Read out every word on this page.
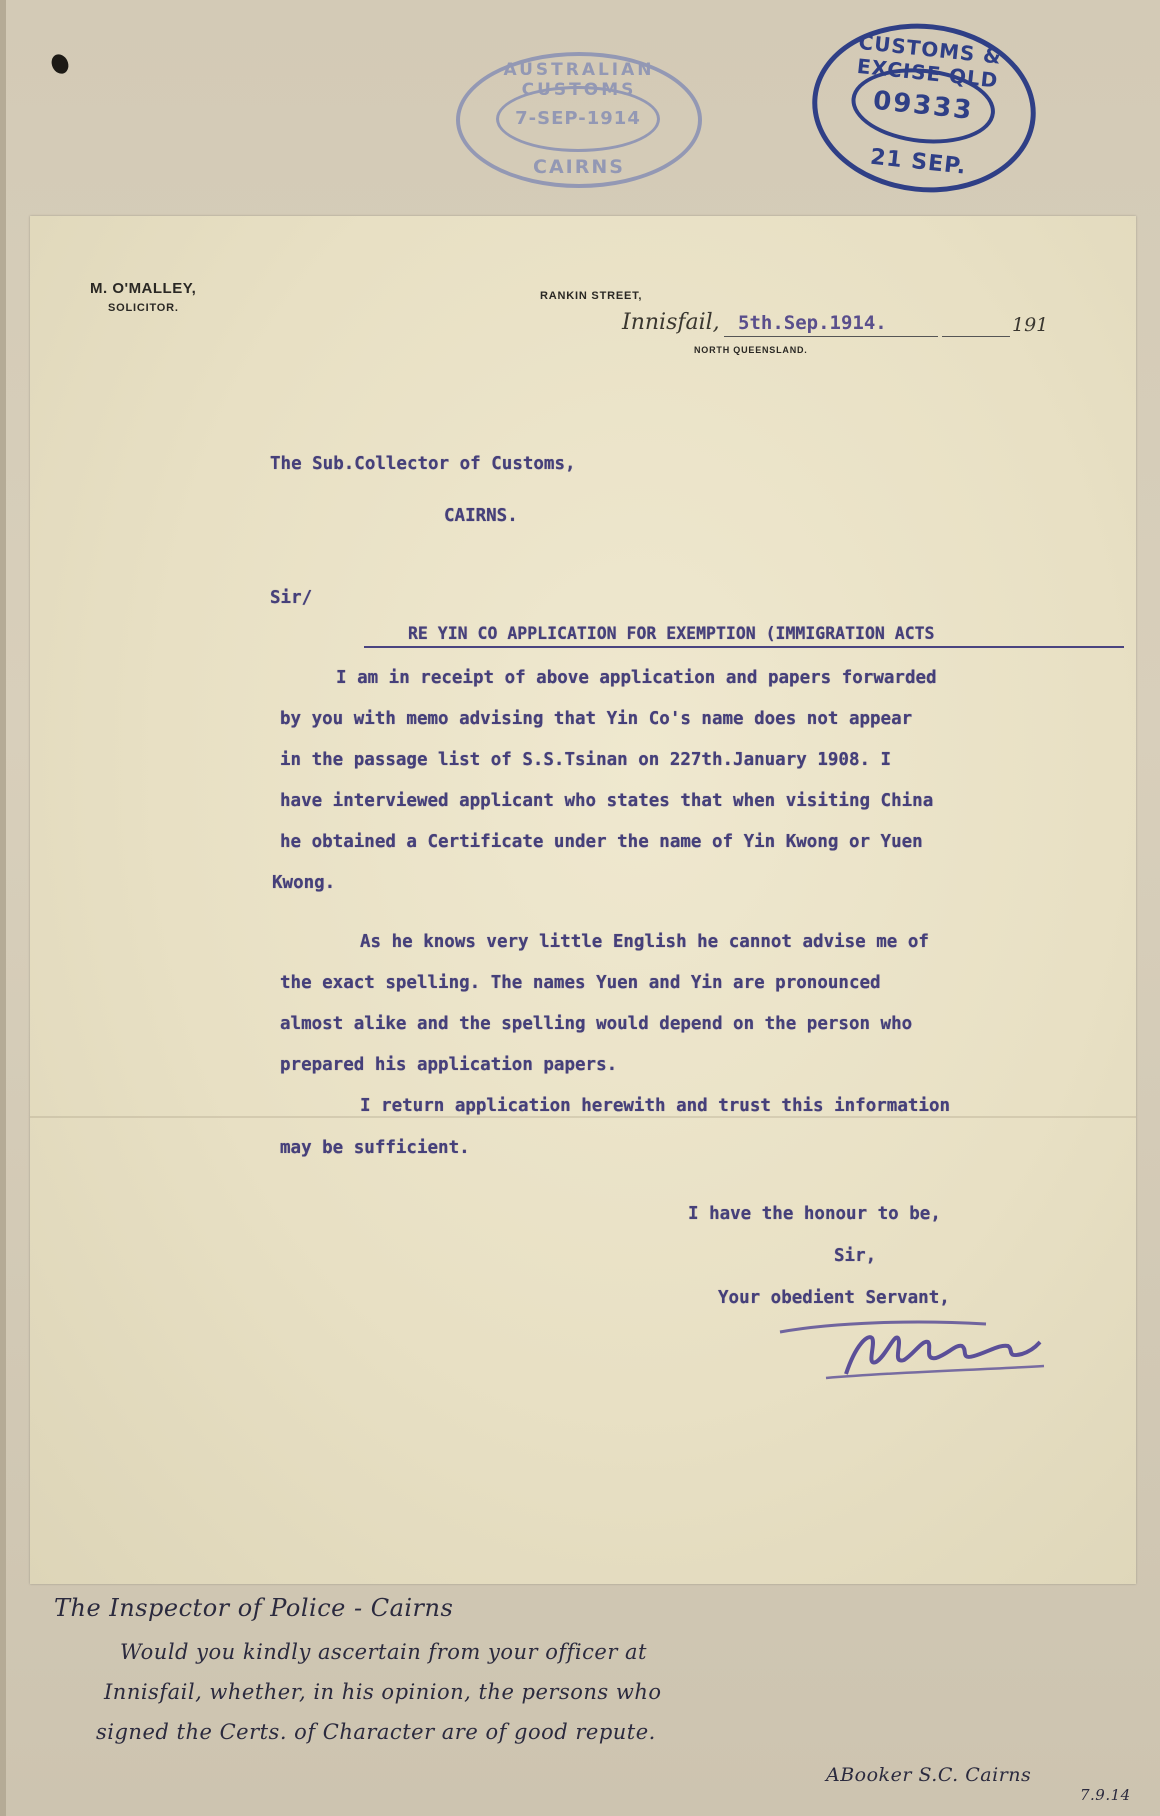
AUSTRALIAN CUSTOMS
7-SEP-1914
CAIRNS
CUSTOMS & EXCISE QLD
09333
21 SEP.
M. O'MALLEY,
SOLICITOR.
RANKIN STREET,
Innisfail, 5th.Sep.1914.	191
NORTH QUEENSLAND.
The Sub.Collector of Customs,
CAIRNS.
Sir/
RE YIN CO APPLICATION FOR EXEMPTION (IMMIGRATION ACTS
I am in receipt of above application and papers forwarded
by you with memo advising that Yin Co's name does not appear
in the passage list of S.S.Tsinan on 227th.January 1908. I
have interviewed applicant who states that when visiting China
he obtained a Certificate under the name of Yin Kwong or Yuen
Kwong.
As he knows very little English he cannot advise me of
the exact spelling. The names Yuen and Yin are pronounced
almost alike and the spelling would depend on the person who
prepared his application papers.
I return application herewith and trust this information
may be sufficient.
I have the honour to be,
Sir,
Your obedient Servant,
The Inspector of Police - Cairns
Would you kindly ascertain from your officer at
Innisfail, whether, in his opinion, the persons who
signed the Certs. of Character are of good repute.
ABooker S.C. Cairns
7.9.14
